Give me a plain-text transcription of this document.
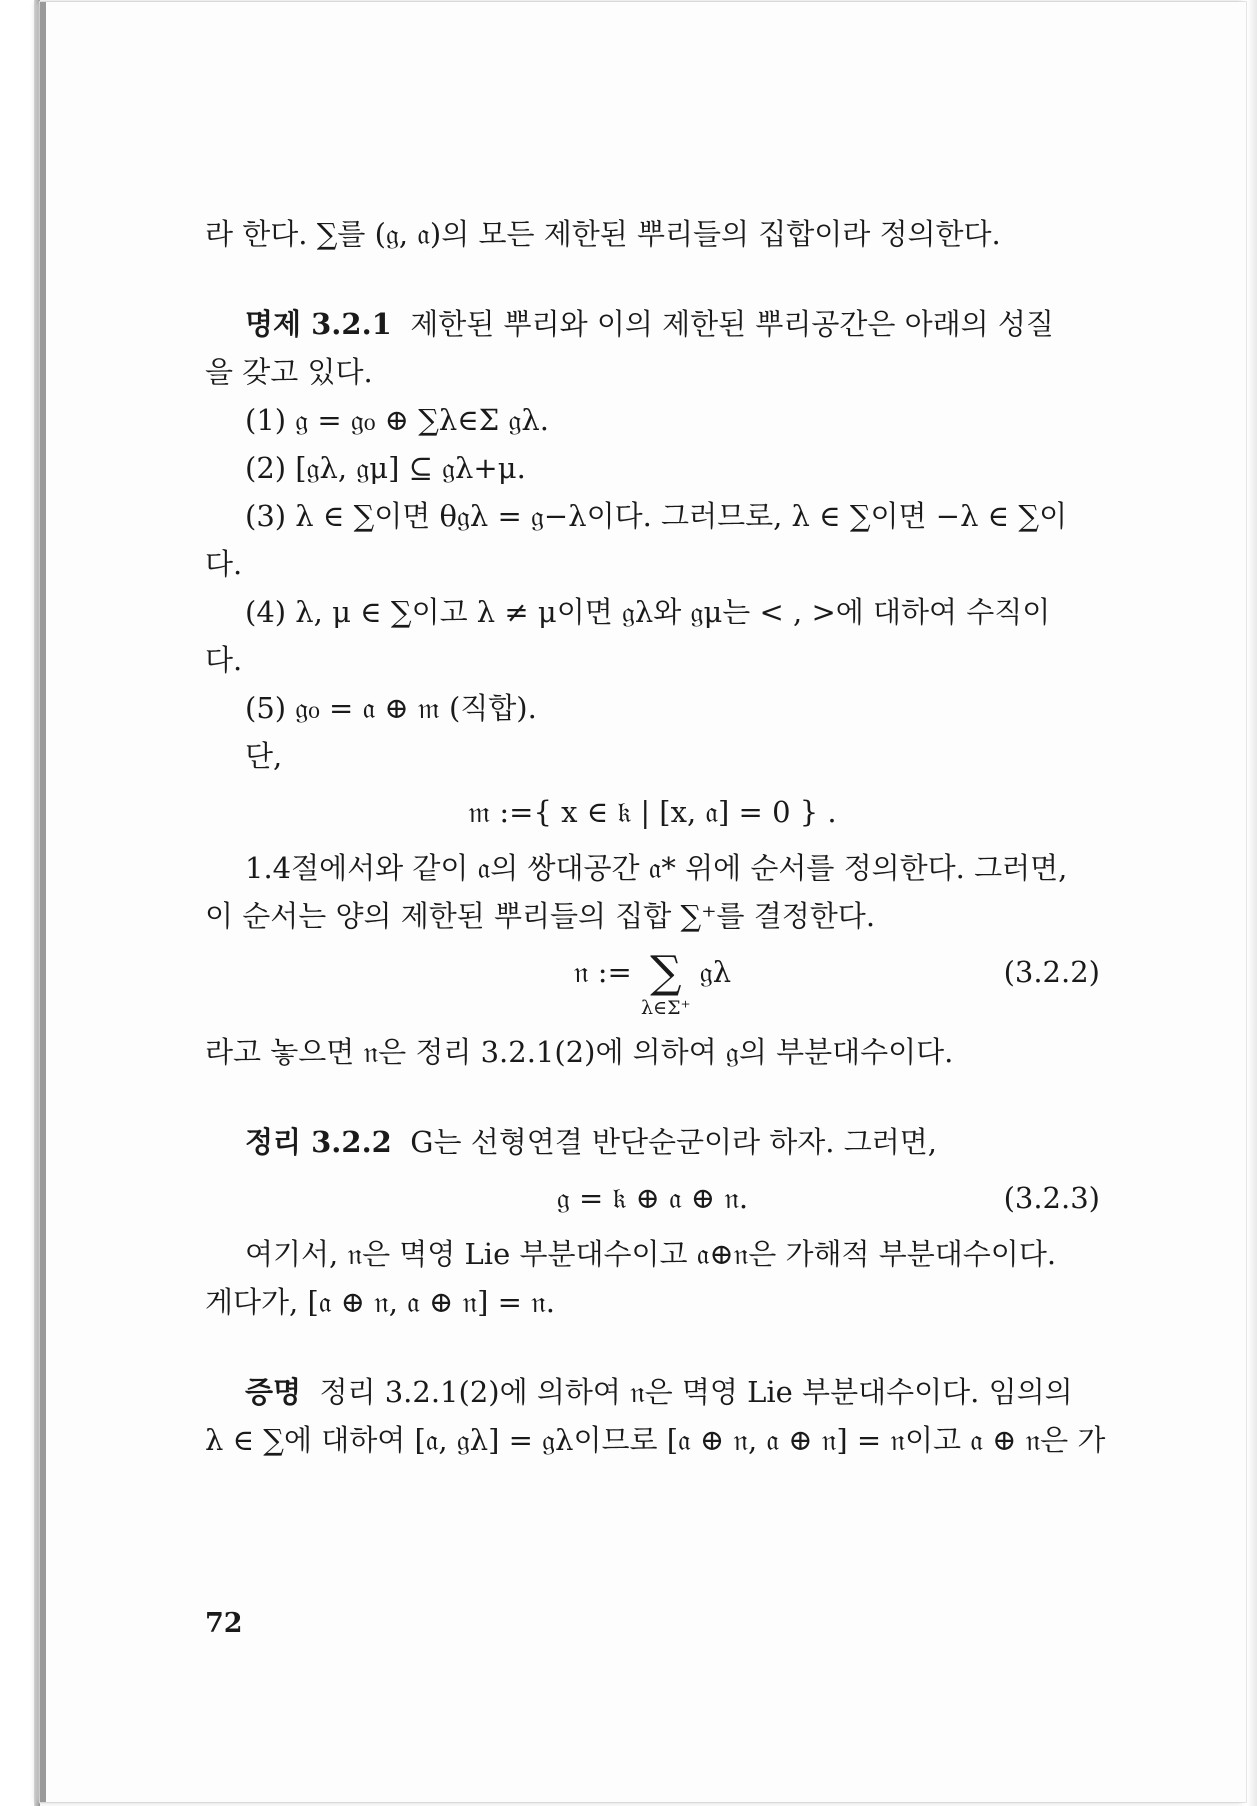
라 한다. ∑를 (𝔤, 𝔞)의 모든 제한된 뿌리들의 집합이라 정의한다.
명제 3.2.1 제한된 뿌리와 이의 제한된 뿌리공간은 아래의 성질
을 갖고 있다.
(1) 𝔤 = 𝔤₀ ⊕ ∑λ∈Σ 𝔤λ.
(2) [𝔤λ, 𝔤μ] ⊆ 𝔤λ+μ.
(3) λ ∈ ∑이면 θ𝔤λ = 𝔤−λ이다. 그러므로, λ ∈ ∑이면 −λ ∈ ∑이
다.
(4) λ, μ ∈ ∑이고 λ ≠ μ이면 𝔤λ와 𝔤μ는 < , >에 대하여 수직이
다.
(5) 𝔤₀ = 𝔞 ⊕ 𝔪 (직합).
단,
𝔪 :={ x ∈ 𝔨 | [x, 𝔞] = 0 } .
1.4절에서와 같이 𝔞의 쌍대공간 𝔞* 위에 순서를 정의한다. 그러면,
이 순서는 양의 제한된 뿌리들의 집합 ∑⁺를 결정한다.
𝔫 := ∑
λ∈Σ⁺
𝔤λ	(3.2.2)
라고 놓으면 𝔫은 정리 3.2.1(2)에 의하여 𝔤의 부분대수이다.
정리 3.2.2 G는 선형연결 반단순군이라 하자. 그러면,
𝔤 = 𝔨 ⊕ 𝔞 ⊕ 𝔫.	(3.2.3)
여기서, 𝔫은 멱영 Lie 부분대수이고 𝔞⊕𝔫은 가해적 부분대수이다.
게다가, [𝔞 ⊕ 𝔫, 𝔞 ⊕ 𝔫] = 𝔫.
증명 정리 3.2.1(2)에 의하여 𝔫은 멱영 Lie 부분대수이다. 임의의
λ ∈ ∑에 대하여 [𝔞, 𝔤λ] = 𝔤λ이므로 [𝔞 ⊕ 𝔫, 𝔞 ⊕ 𝔫] = 𝔫이고 𝔞 ⊕ 𝔫은 가
72
